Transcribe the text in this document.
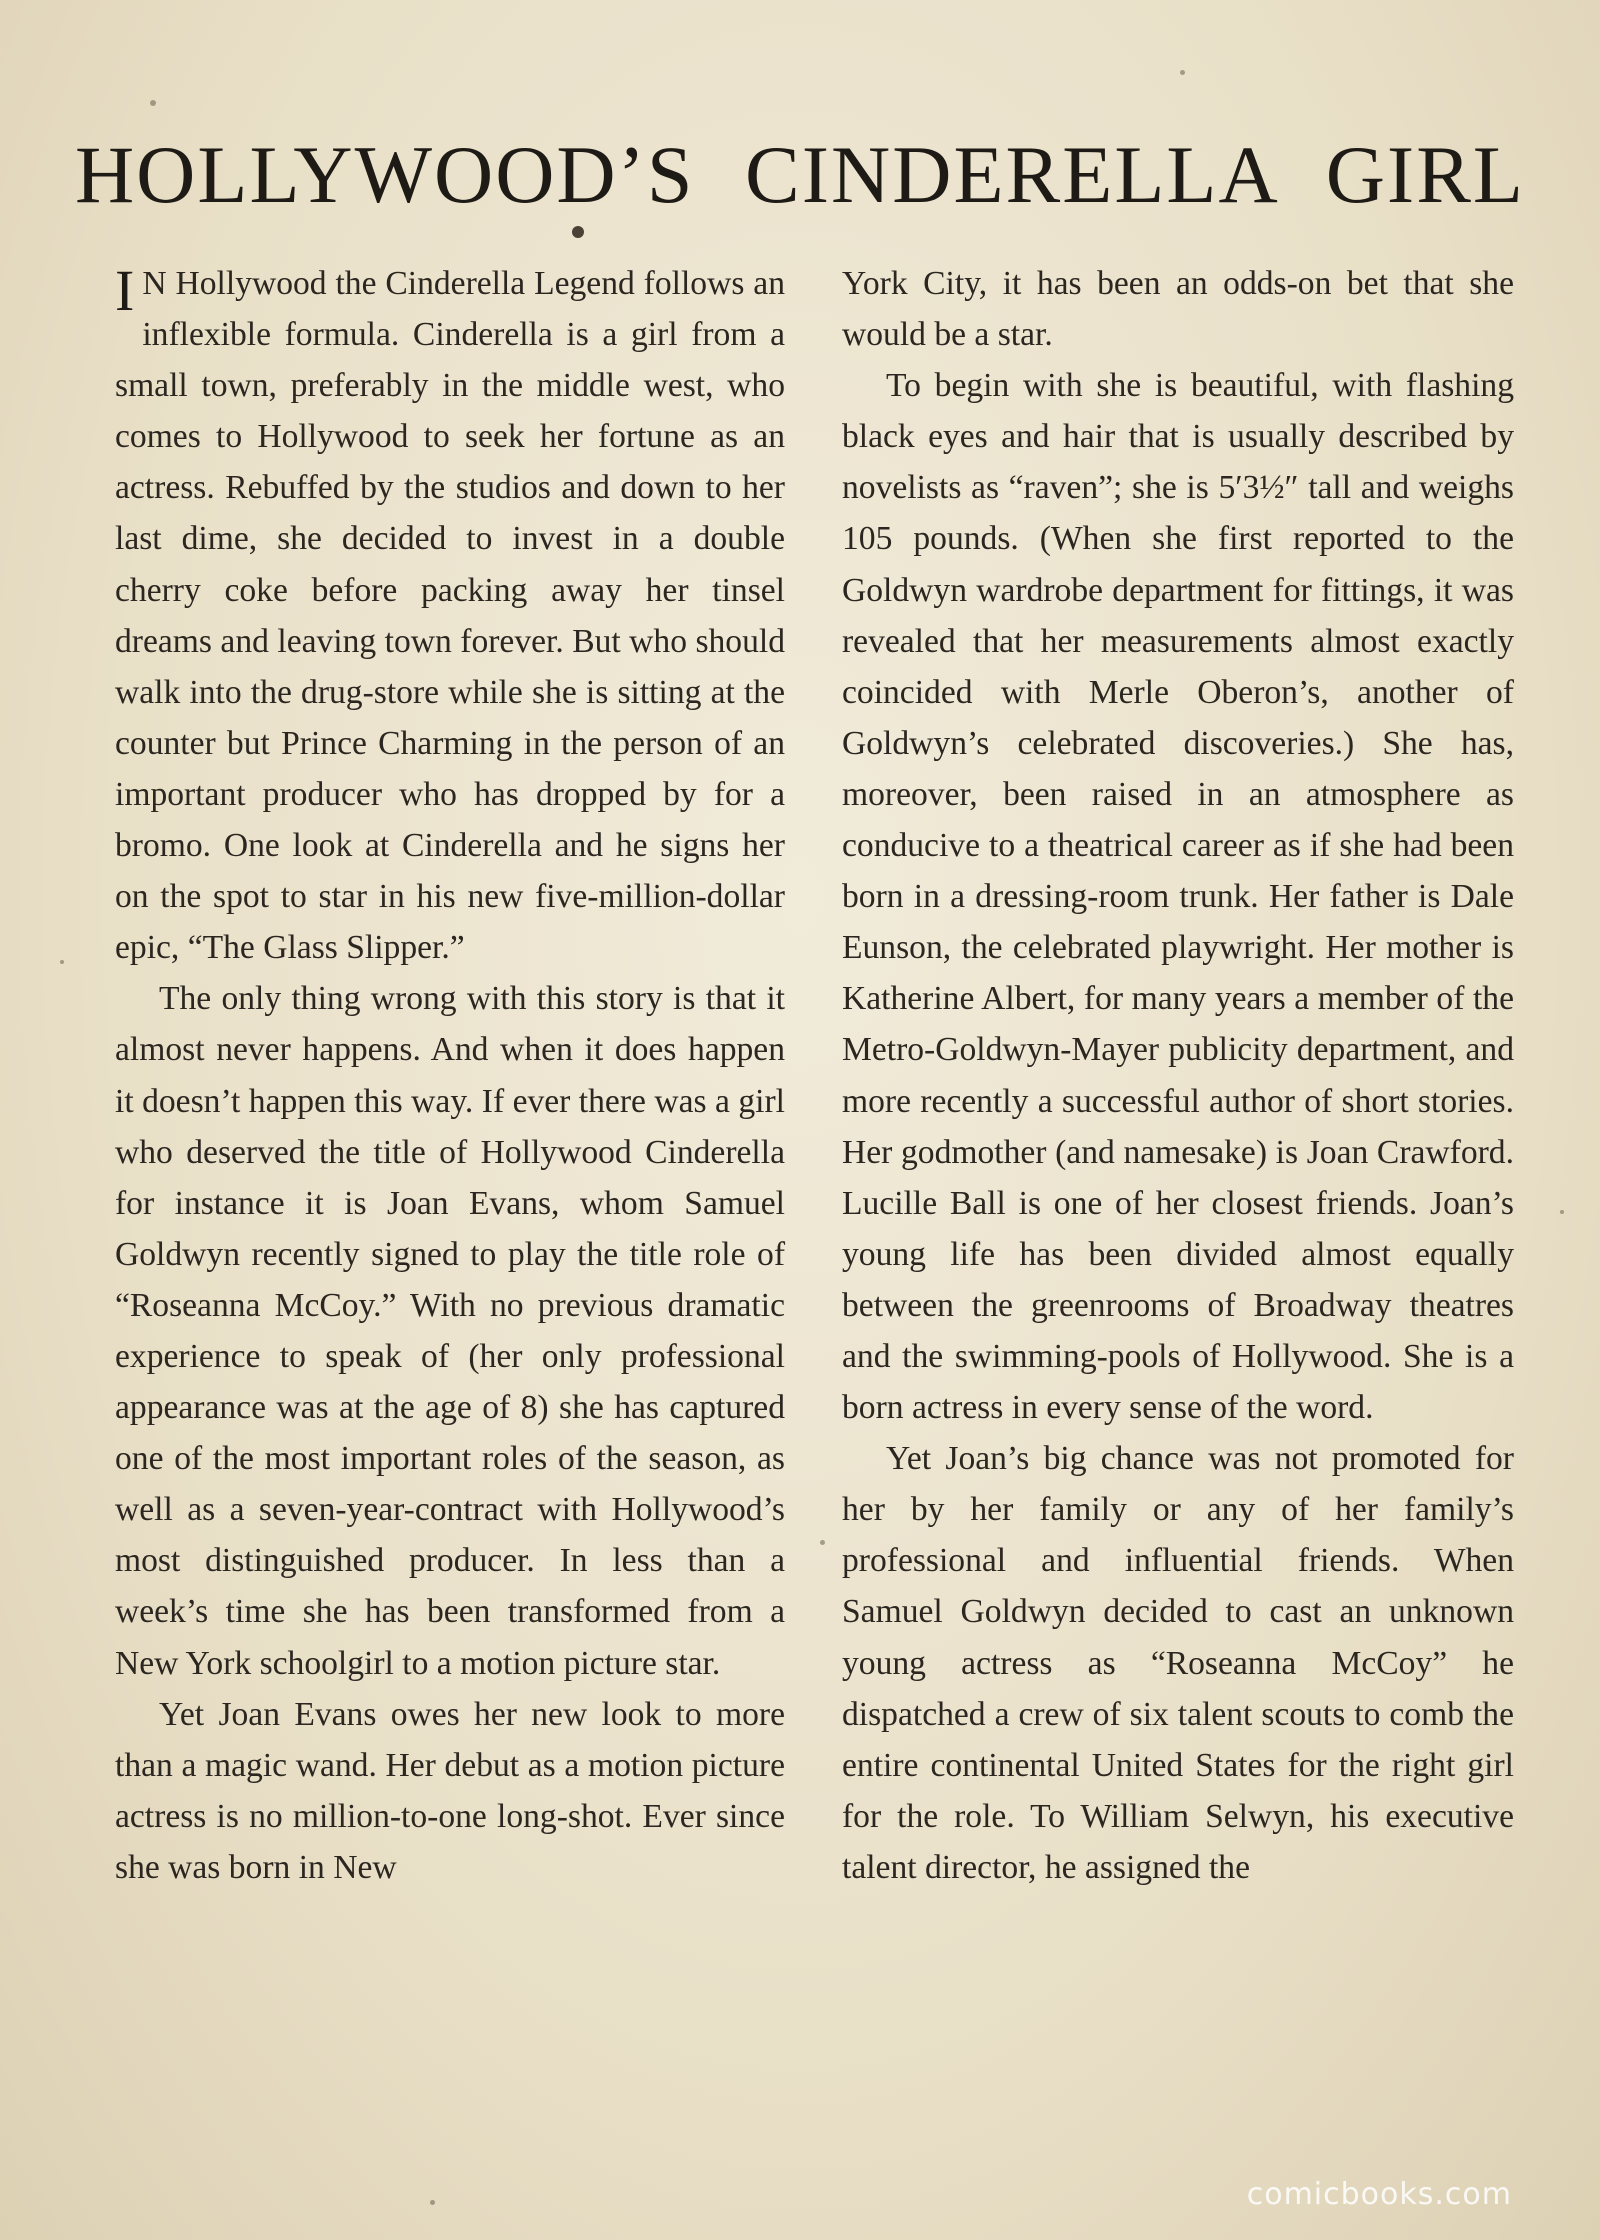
HOLLYWOOD’S CINDERELLA GIRL

I N Hollywood the Cinderella Legend follows an inflexible formula. Cinderella is a girl from a small town, preferably in the middle west, who comes to Hollywood to seek her fortune as an actress. Rebuffed by the studios and down to her last dime, she decided to invest in a double cherry coke before packing away her tinsel dreams and leaving town forever. But who should walk into the drug-store while she is sitting at the counter but Prince Charming in the person of an important producer who has dropped by for a bromo. One look at Cinderella and he signs her on the spot to star in his new five-million-dollar epic, “The Glass Slipper.”

The only thing wrong with this story is that it almost never happens. And when it does happen it doesn’t happen this way. If ever there was a girl who deserved the title of Hollywood Cinderella for instance it is Joan Evans, whom Samuel Goldwyn recently signed to play the title role of “Roseanna McCoy.” With no previous dramatic experience to speak of (her only professional appearance was at the age of 8) she has captured one of the most important roles of the season, as well as a seven-year-contract with Hollywood’s most distinguished producer. In less than a week’s time she has been transformed from a New York schoolgirl to a motion picture star.

Yet Joan Evans owes her new look to more than a magic wand. Her debut as a motion picture actress is no million-to-one long-shot. Ever since she was born in New

York City, it has been an odds-on bet that she would be a star.

To begin with she is beautiful, with flashing black eyes and hair that is usually described by novelists as “raven”; she is 5′3½″ tall and weighs 105 pounds. (When she first reported to the Goldwyn wardrobe department for fittings, it was revealed that her measurements almost exactly coincided with Merle Oberon’s, another of Goldwyn’s celebrated discoveries.) She has, moreover, been raised in an atmosphere as conducive to a theatrical career as if she had been born in a dressing-room trunk. Her father is Dale Eunson, the celebrated playwright. Her mother is Katherine Albert, for many years a member of the Metro-Goldwyn-Mayer publicity department, and more recently a successful author of short stories. Her godmother (and namesake) is Joan Crawford. Lucille Ball is one of her closest friends. Joan’s young life has been divided almost equally between the greenrooms of Broadway theatres and the swimming-pools of Hollywood. She is a born actress in every sense of the word.

Yet Joan’s big chance was not promoted for her by her family or any of her family’s professional and influential friends. When Samuel Goldwyn decided to cast an unknown young actress as “Roseanna McCoy” he dispatched a crew of six talent scouts to comb the entire continental United States for the right girl for the role. To William Selwyn, his executive talent director, he assigned the

comicbooks.com
